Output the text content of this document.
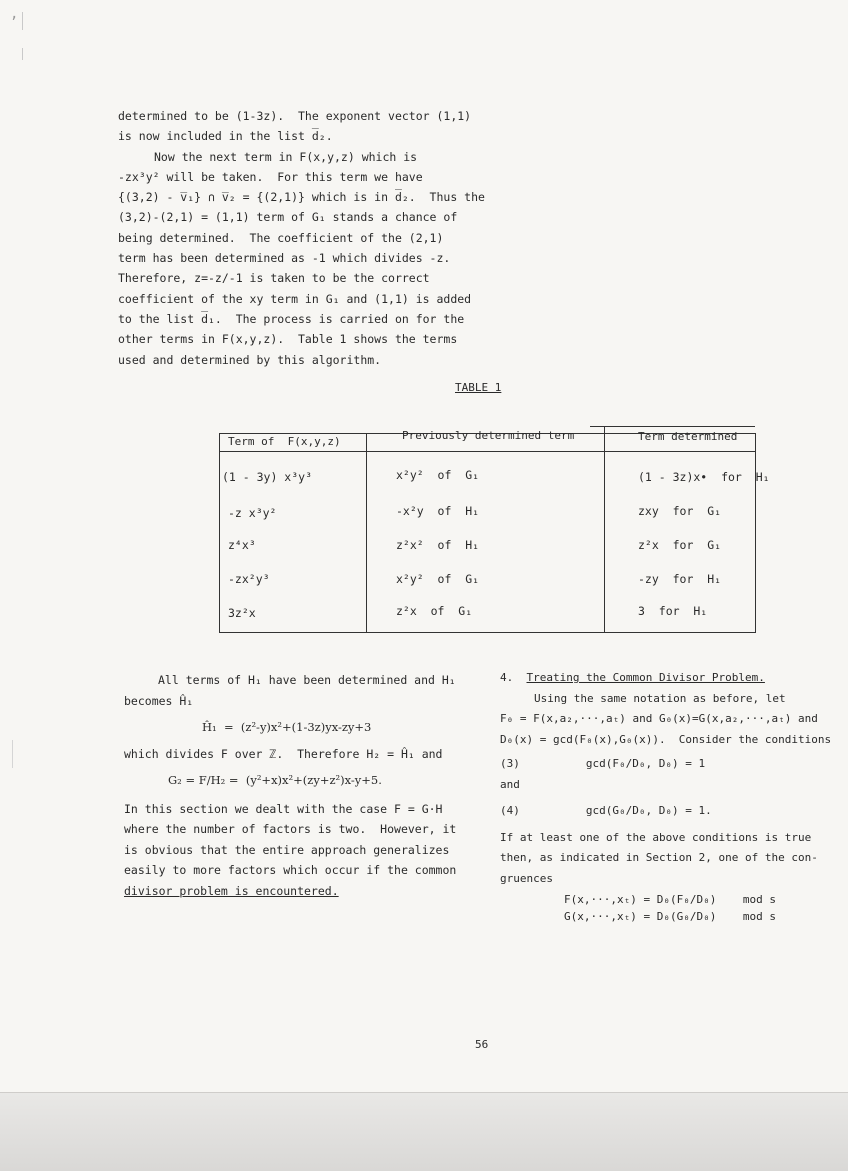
‚
determined to be (1-3z).  The exponent vector (1,1)
is now included in the list d̅₂.
Now the next term in F(x,y,z) which is
-zx³y² will be taken.  For this term we have
{(3,2) - v̅₁} ∩ v̅₂ = {(2,1)} which is in d̅₂.  Thus the
(3,2)-(2,1) = (1,1) term of G₁ stands a chance of
being determined.  The coefficient of the (2,1)
term has been determined as -1 which divides -z.
Therefore, z=-z/-1 is taken to be the correct
coefficient of the xy term in G₁ and (1,1) is added
to the list d̅₁.  The process is carried on for the
other terms in F(x,y,z).  Table 1 shows the terms
used and determined by this algorithm.
TABLE 1
Term of  F(x,y,z)	Previously determined term	Term determined
(1 - 3y) x³y³	x²y²  of  G₁	(1 - 3z)x•  for  H₁
-z x³y²	-x²y  of  H₁	zxy  for  G₁
z⁴x³	z²x²  of  H₁	z²x  for  G₁
-zx²y³	x²y²  of  G₁	-zy  for  H₁
3z²x	z²x  of  G₁	3  for  H₁
All terms of H₁ have been determined and H₁
becomes Ĥ₁
Ĥ₁  =  (z²-y)x²+(1-3z)yx-zy+3
which divides F over ℤ.  Therefore H₂ = Ĥ₁ and
G₂ = F/H₂ =  (y²+x)x²+(zy+z²)x-y+5.
In this section we dealt with the case F = G·H
where the number of factors is two.  However, it
is obvious that the entire approach generalizes
easily to more factors which occur if the common
divisor problem is encountered.
4. Treating the Common Divisor Problem.
Using the same notation as before, let
F₀ = F(x,a₂,···,aₜ) and G₀(x)=G(x,a₂,···,aₜ) and
D₀(x) = gcd(F₀(x),G₀(x)).  Consider the conditions
(3)	gcd(F₀/D₀, D₀) = 1
and
(4)	gcd(G₀/D₀, D₀) = 1.
If at least one of the above conditions is true
then, as indicated in Section 2, one of the con-
gruences
F(x,···,xₜ) = D₀(F₀/D₀) mod s
G(x,···,xₜ) = D₀(G₀/D₀) mod s
56
